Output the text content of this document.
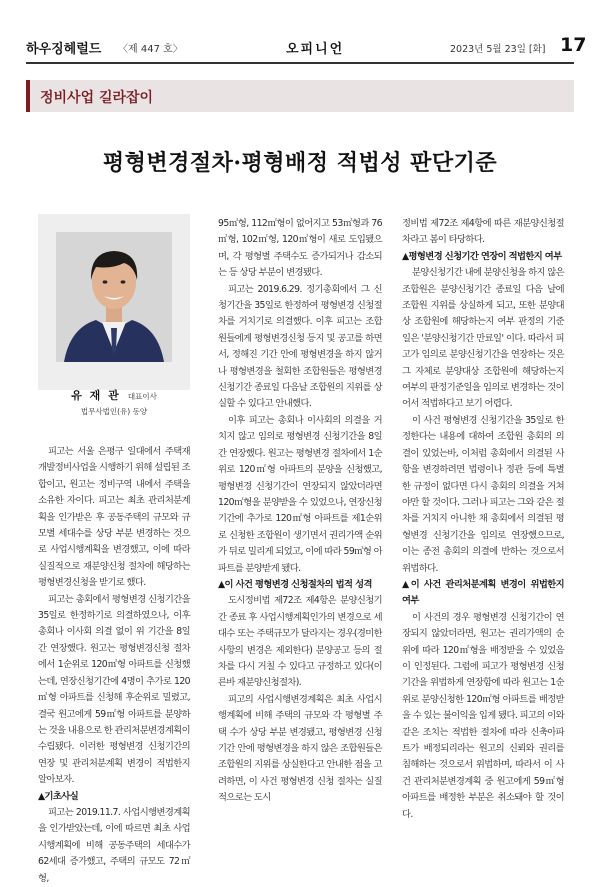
하우징헤럴드 〈제 447 호〉	오피니언	2023년 5월 23일 [화] 17
정비사업 길라잡이
평형변경절차·평형배정 적법성 판단기준
유 재 관 대표이사
법무사법인(유) 동양

피고는 서울 은평구 일대에서 주택재개발정비사업을 시행하기 위해 설립된 조합이고, 원고는 정비구역 내에서 주택을 소유한 자이다. 피고는 최초 관리처분계획을 인가받은 후 공동주택의 규모와 규모별 세대수를 상당 부분 변경하는 것으로 사업시행계획을 변경했고, 이에 따라 실질적으로 재분양신청 절차에 해당하는 평형변경신청을 받기로 했다.

피고는 총회에서 평형변경 신청기간을 35일로 한정하기로 의결하였으나, 이후 총회나 이사회 의결 없이 위 기간을 8일간 연장했다. 원고는 평형변경신청 절차에서 1순위로 120㎡형 아파트를 신청했는데, 연장신청기간에 4명이 추가로 120㎡형 아파트를 신청해 후순위로 밀렸고, 결국 원고에게 59㎡형 아파트를 분양하는 것을 내용으로 한 관리처분변경계획이 수립됐다. 이러한 평형변경 신청기간의 연장 및 관리처분계획 변경이 적법한지 알아보자.

▲기초사실

피고는 2019.11.7. 사업시행변경계획을 인가받았는데, 이에 따르면 최초 사업시행계획에 비해 공동주택의 세대수가 62세대 증가했고, 주택의 규모도 72㎡형,

95㎡형, 112㎡형이 없어지고 53㎡형과 76㎡형, 102㎡형, 120㎡형이 새로 도입됐으며, 각 평형별 주택수도 증가되거나 감소되는 등 상당 부분이 변경됐다.

피고는 2019.6.29. 정기총회에서 그 신청기간을 35일로 한정하여 평형변경 신청절차를 거치기로 의결했다. 이후 피고는 조합원들에게 평형변경신청 등지 및 공고를 하면서, 정해진 기간 안에 평형변경을 하지 않거나 평형변경을 철회한 조합원들은 평형변경 신청기간 종료일 다음날 조합원의 지위를 상실할 수 있다고 안내했다.

이후 피고는 총회나 이사회의 의결을 거치지 않고 임의로 평형변경 신청기간을 8일간 연장했다. 원고는 평형변경 절차에서 1순위로 120㎡형 아파트의 분양을 신청했고, 평형변경 신청기간이 연장되지 않았더라면 120㎡형을 분양받을 수 있었으나, 연장신청기간에 추가로 120㎡형 아파트를 제1순위로 신청한 조합원이 생기면서 권리가액 순위가 뒤로 밀리게 되었고, 이에 따라 59㎡형 아파트를 분양받게 됐다.

▲이 사건 평형변경 신청절차의 법적 성격

도시정비법 제72조 제4항은 분양신청기간 종료 후 사업시행계획인가의 변경으로 세대수 또는 주택규모가 달라지는 경우(경미한 사항의 변경은 제외한다) 분양공고 등의 절차를 다시 거칠 수 있다고 규정하고 있다(이른바 재분양신청절차).

피고의 사업시행변경계획은 최초 사업시행계획에 비해 주택의 규모와 각 평형별 주택 수가 상당 부분 변경됐고, 평형변경 신청기간 안에 평형변경을 하지 않은 조합원들은 조합원의 지위를 상실한다고 안내한 점을 고려하면, 이 사건 평형변경 신청 절차는 실질적으로는 도시

정비법 제72조 제4항에 따른 재분양신청절차라고 봄이 타당하다.

▲평형변경 신청기간 연장이 적법한지 여부

분양신청기간 내에 분양신청을 하지 않은 조합원은 분양신청기간 종료일 다음 날에 조합원 지위를 상실하게 되고, 또한 분양대상 조합원에 해당하는지 여부 판정의 기준일은 '분양신청기간 만료일' 이다. 따라서 피고가 임의로 분양신청기간을 연장하는 것은 그 자체로 분양대상 조합원에 해당하는지 여부의 판정기준일을 임의로 변경하는 것이어서 적법하다고 보기 어렵다.

이 사건 평형변경 신청기간을 35일로 한정한다는 내용에 대하여 조합원 총회의 의결이 있었는바, 이처럼 총회에서 의결된 사항을 변경하려면 법령이나 정관 등에 특별한 규정이 없다면 다시 총회의 의결을 거쳐야만 할 것이다. 그러나 피고는 그와 같은 절차를 거치지 아니한 채 총회에서 의결된 평형변경 신청기간을 임의로 연장했으므로, 이는 종전 총회의 의결에 반하는 것으로서 위법하다.

▲이 사건 관리처분계획 변경이 위법한지 여부

이 사건의 경우 평형변경 신청기간이 연장되지 않았더라면, 원고는 권리가액의 순위에 따라 120㎡형을 배정받을 수 있었음이 인정된다. 그럼에 피고가 평형변경 신청기간을 위법하게 연장함에 따라 원고는 1순위로 분양신청한 120㎡형 아파트를 배정받을 수 있는 불이익을 입게 됐다. 피고의 이와 같은 조치는 적법한 절차에 따라 신축아파트가 배정되리라는 원고의 신뢰와 권리를 침해하는 것으로서 위법하며, 따라서 이 사건 관리처분변경계획 중 원고에게 59㎡형 아파트를 배정한 부분은 취소돼야 할 것이다.
